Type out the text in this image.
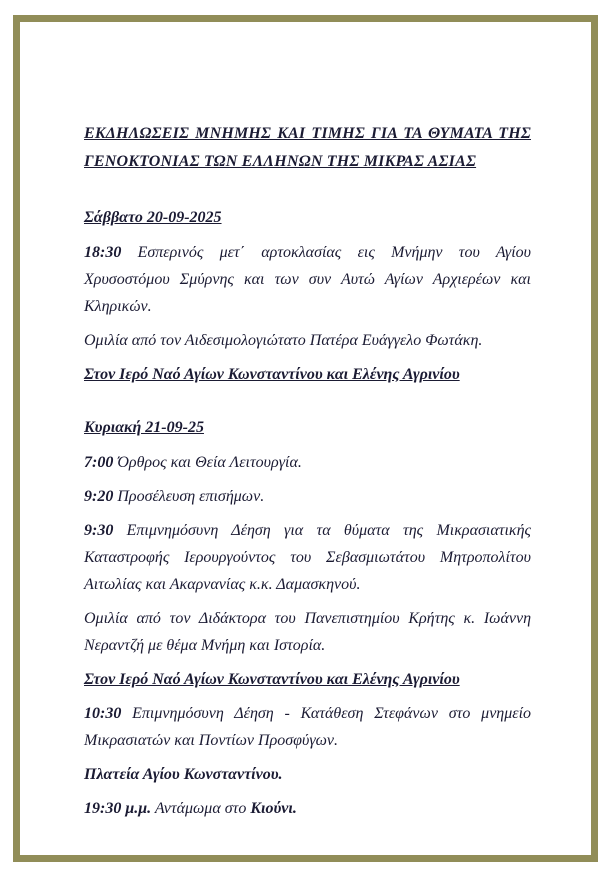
ΕΚΔΗΛΩΣΕΙΣ ΜΝΗΜΗΣ ΚΑΙ ΤΙΜΗΣ ΓΙΑ ΤΑ ΘΥΜΑΤΑ ΤΗΣ ΓΕΝΟΚΤΟΝΙΑΣ ΤΩΝ ΕΛΛΗΝΩΝ ΤΗΣ ΜΙΚΡΑΣ ΑΣΙΑΣ

Σάββατο 20-09-2025

18:30 Εσπερινός μετ΄ αρτοκλασίας εις Μνήμην του Αγίου Χρυσοστόμου Σμύρνης και των συν Αυτώ Αγίων Αρχιερέων και Κληρικών.

Ομιλία από τον Αιδεσιμολογιώτατο Πατέρα Ευάγγελο Φωτάκη.

Στον Ιερό Ναό Αγίων Κωνσταντίνου και Ελένης Αγρινίου

Κυριακή 21-09-25

7:00 Όρθρος και Θεία Λειτουργία.

9:20 Προσέλευση επισήμων.

9:30 Επιμνημόσυνη Δέηση για τα θύματα της Μικρασιατικής Καταστροφής Ιερουργούντος του Σεβασμιωτάτου Μητροπολίτου Αιτωλίας και Ακαρνανίας κ.κ. Δαμασκηνού.

Ομιλία από τον Διδάκτορα του Πανεπιστημίου Κρήτης κ. Ιωάννη Νεραντζή με θέμα Μνήμη και Ιστορία.

Στον Ιερό Ναό Αγίων Κωνσταντίνου και Ελένης Αγρινίου

10:30 Επιμνημόσυνη Δέηση - Κατάθεση Στεφάνων στο μνημείο Μικρασιατών και Ποντίων Προσφύγων.

Πλατεία Αγίου Κωνσταντίνου.

19:30 μ.μ. Αντάμωμα στο Κιούνι.
